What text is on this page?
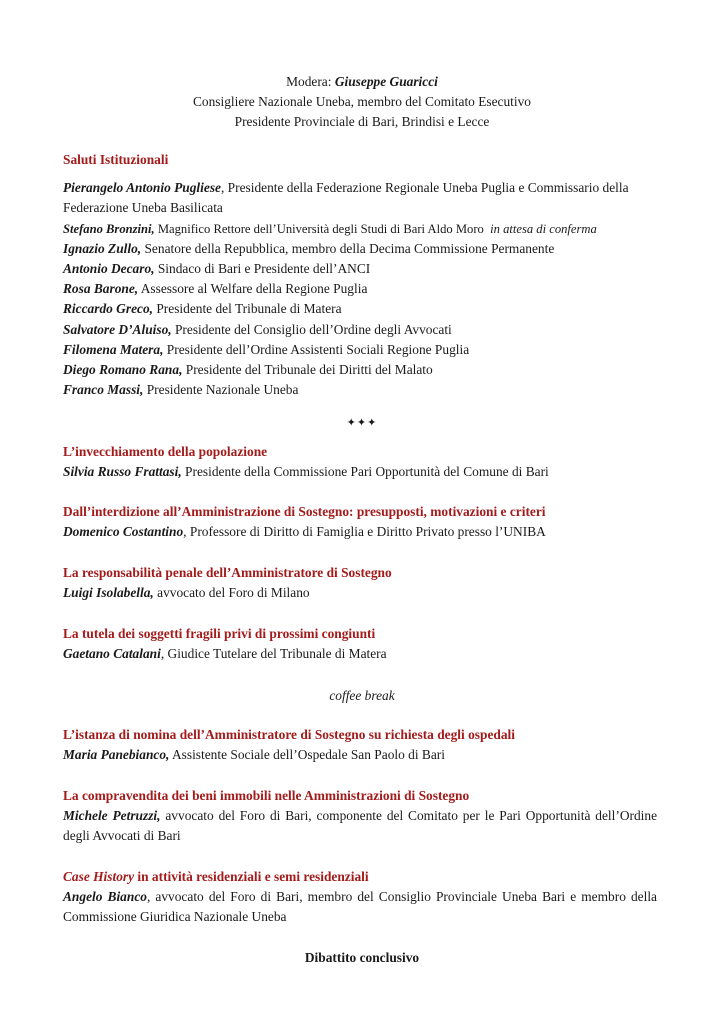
Modera: Giuseppe Guaricci
Consigliere Nazionale Uneba, membro del Comitato Esecutivo
Presidente Provinciale di Bari, Brindisi e Lecce
Saluti Istituzionali
Pierangelo Antonio Pugliese, Presidente della Federazione Regionale Uneba Puglia e Commissario della Federazione Uneba Basilicata
Stefano Bronzini, Magnifico Rettore dell’Università degli Studi di Bari Aldo Moro in attesa di conferma
Ignazio Zullo, Senatore della Repubblica, membro della Decima Commissione Permanente
Antonio Decaro, Sindaco di Bari e Presidente dell’ANCI
Rosa Barone, Assessore al Welfare della Regione Puglia
Riccardo Greco, Presidente del Tribunale di Matera
Salvatore D’Aluiso, Presidente del Consiglio dell’Ordine degli Avvocati
Filomena Matera, Presidente dell’Ordine Assistenti Sociali Regione Puglia
Diego Romano Rana, Presidente del Tribunale dei Diritti del Malato
Franco Massi, Presidente Nazionale Uneba
✦✦✦
L’invecchiamento della popolazione
Silvia Russo Frattasi, Presidente della Commissione Pari Opportunità del Comune di Bari
Dall’interdizione all’Amministrazione di Sostegno: presupposti, motivazioni e criteri
Domenico Costantino, Professore di Diritto di Famiglia e Diritto Privato presso l’UNIBA
La responsabilità penale dell’Amministratore di Sostegno
Luigi Isolabella, avvocato del Foro di Milano
La tutela dei soggetti fragili privi di prossimi congiunti
Gaetano Catalani, Giudice Tutelare del Tribunale di Matera
coffee break
L’istanza di nomina dell’Amministratore di Sostegno su richiesta degli ospedali
Maria Panebianco, Assistente Sociale dell’Ospedale San Paolo di Bari
La compravendita dei beni immobili nelle Amministrazioni di Sostegno
Michele Petruzzi, avvocato del Foro di Bari, componente del Comitato per le Pari Opportunità dell’Ordine degli Avvocati di Bari
Case History in attività residenziali e semi residenziali
Angelo Bianco, avvocato del Foro di Bari, membro del Consiglio Provinciale Uneba Bari e membro della Commissione Giuridica Nazionale Uneba
Dibattito conclusivo
